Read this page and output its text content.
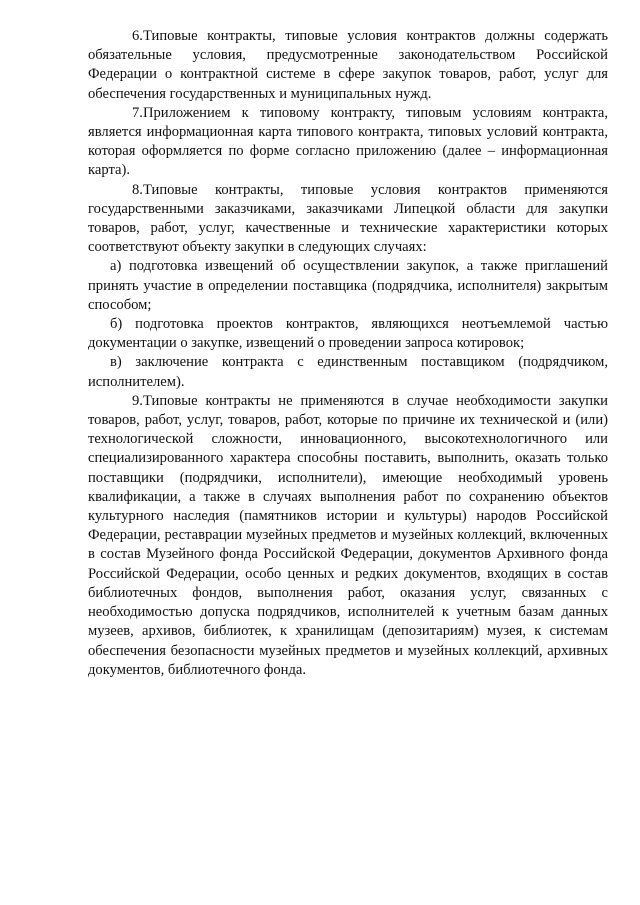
6.Типовые контракты, типовые условия контрактов должны содержать обязательные условия, предусмотренные законодательством Российской Федерации о контрактной системе в сфере закупок товаров, работ, услуг для обеспечения государственных и муниципальных нужд.

7.Приложением к типовому контракту, типовым условиям контракта, является информационная карта типового контракта, типовых условий контракта, которая оформляется по форме согласно приложению (далее – информационная карта).

8.Типовые контракты, типовые условия контрактов применяются государственными заказчиками, заказчиками Липецкой области для закупки товаров, работ, услуг, качественные и технические характеристики которых соответствуют объекту закупки в следующих случаях:

а) подготовка извещений об осуществлении закупок, а также приглашений принять участие в определении поставщика (подрядчика, исполнителя) закрытым способом;

б) подготовка проектов контрактов, являющихся неотъемлемой частью документации о закупке, извещений о проведении запроса котировок;

в) заключение контракта с единственным поставщиком (подрядчиком, исполнителем).

9.Типовые контракты не применяются в случае необходимости закупки товаров, работ, услуг, товаров, работ, которые по причине их технической и (или) технологической сложности, инновационного, высокотехнологичного или специализированного характера способны поставить, выполнить, оказать только поставщики (подрядчики, исполнители), имеющие необходимый уровень квалификации, а также в случаях выполнения работ по сохранению объектов культурного наследия (памятников истории и культуры) народов Российской Федерации, реставрации музейных предметов и музейных коллекций, включенных в состав Музейного фонда Российской Федерации, документов Архивного фонда Российской Федерации, особо ценных и редких документов, входящих в состав библиотечных фондов, выполнения работ, оказания услуг, связанных с необходимостью допуска подрядчиков, исполнителей к учетным базам данных музеев, архивов, библиотек, к хранилищам (депозитариям) музея, к системам обеспечения безопасности музейных предметов и музейных коллекций, архивных документов, библиотечного фонда.
